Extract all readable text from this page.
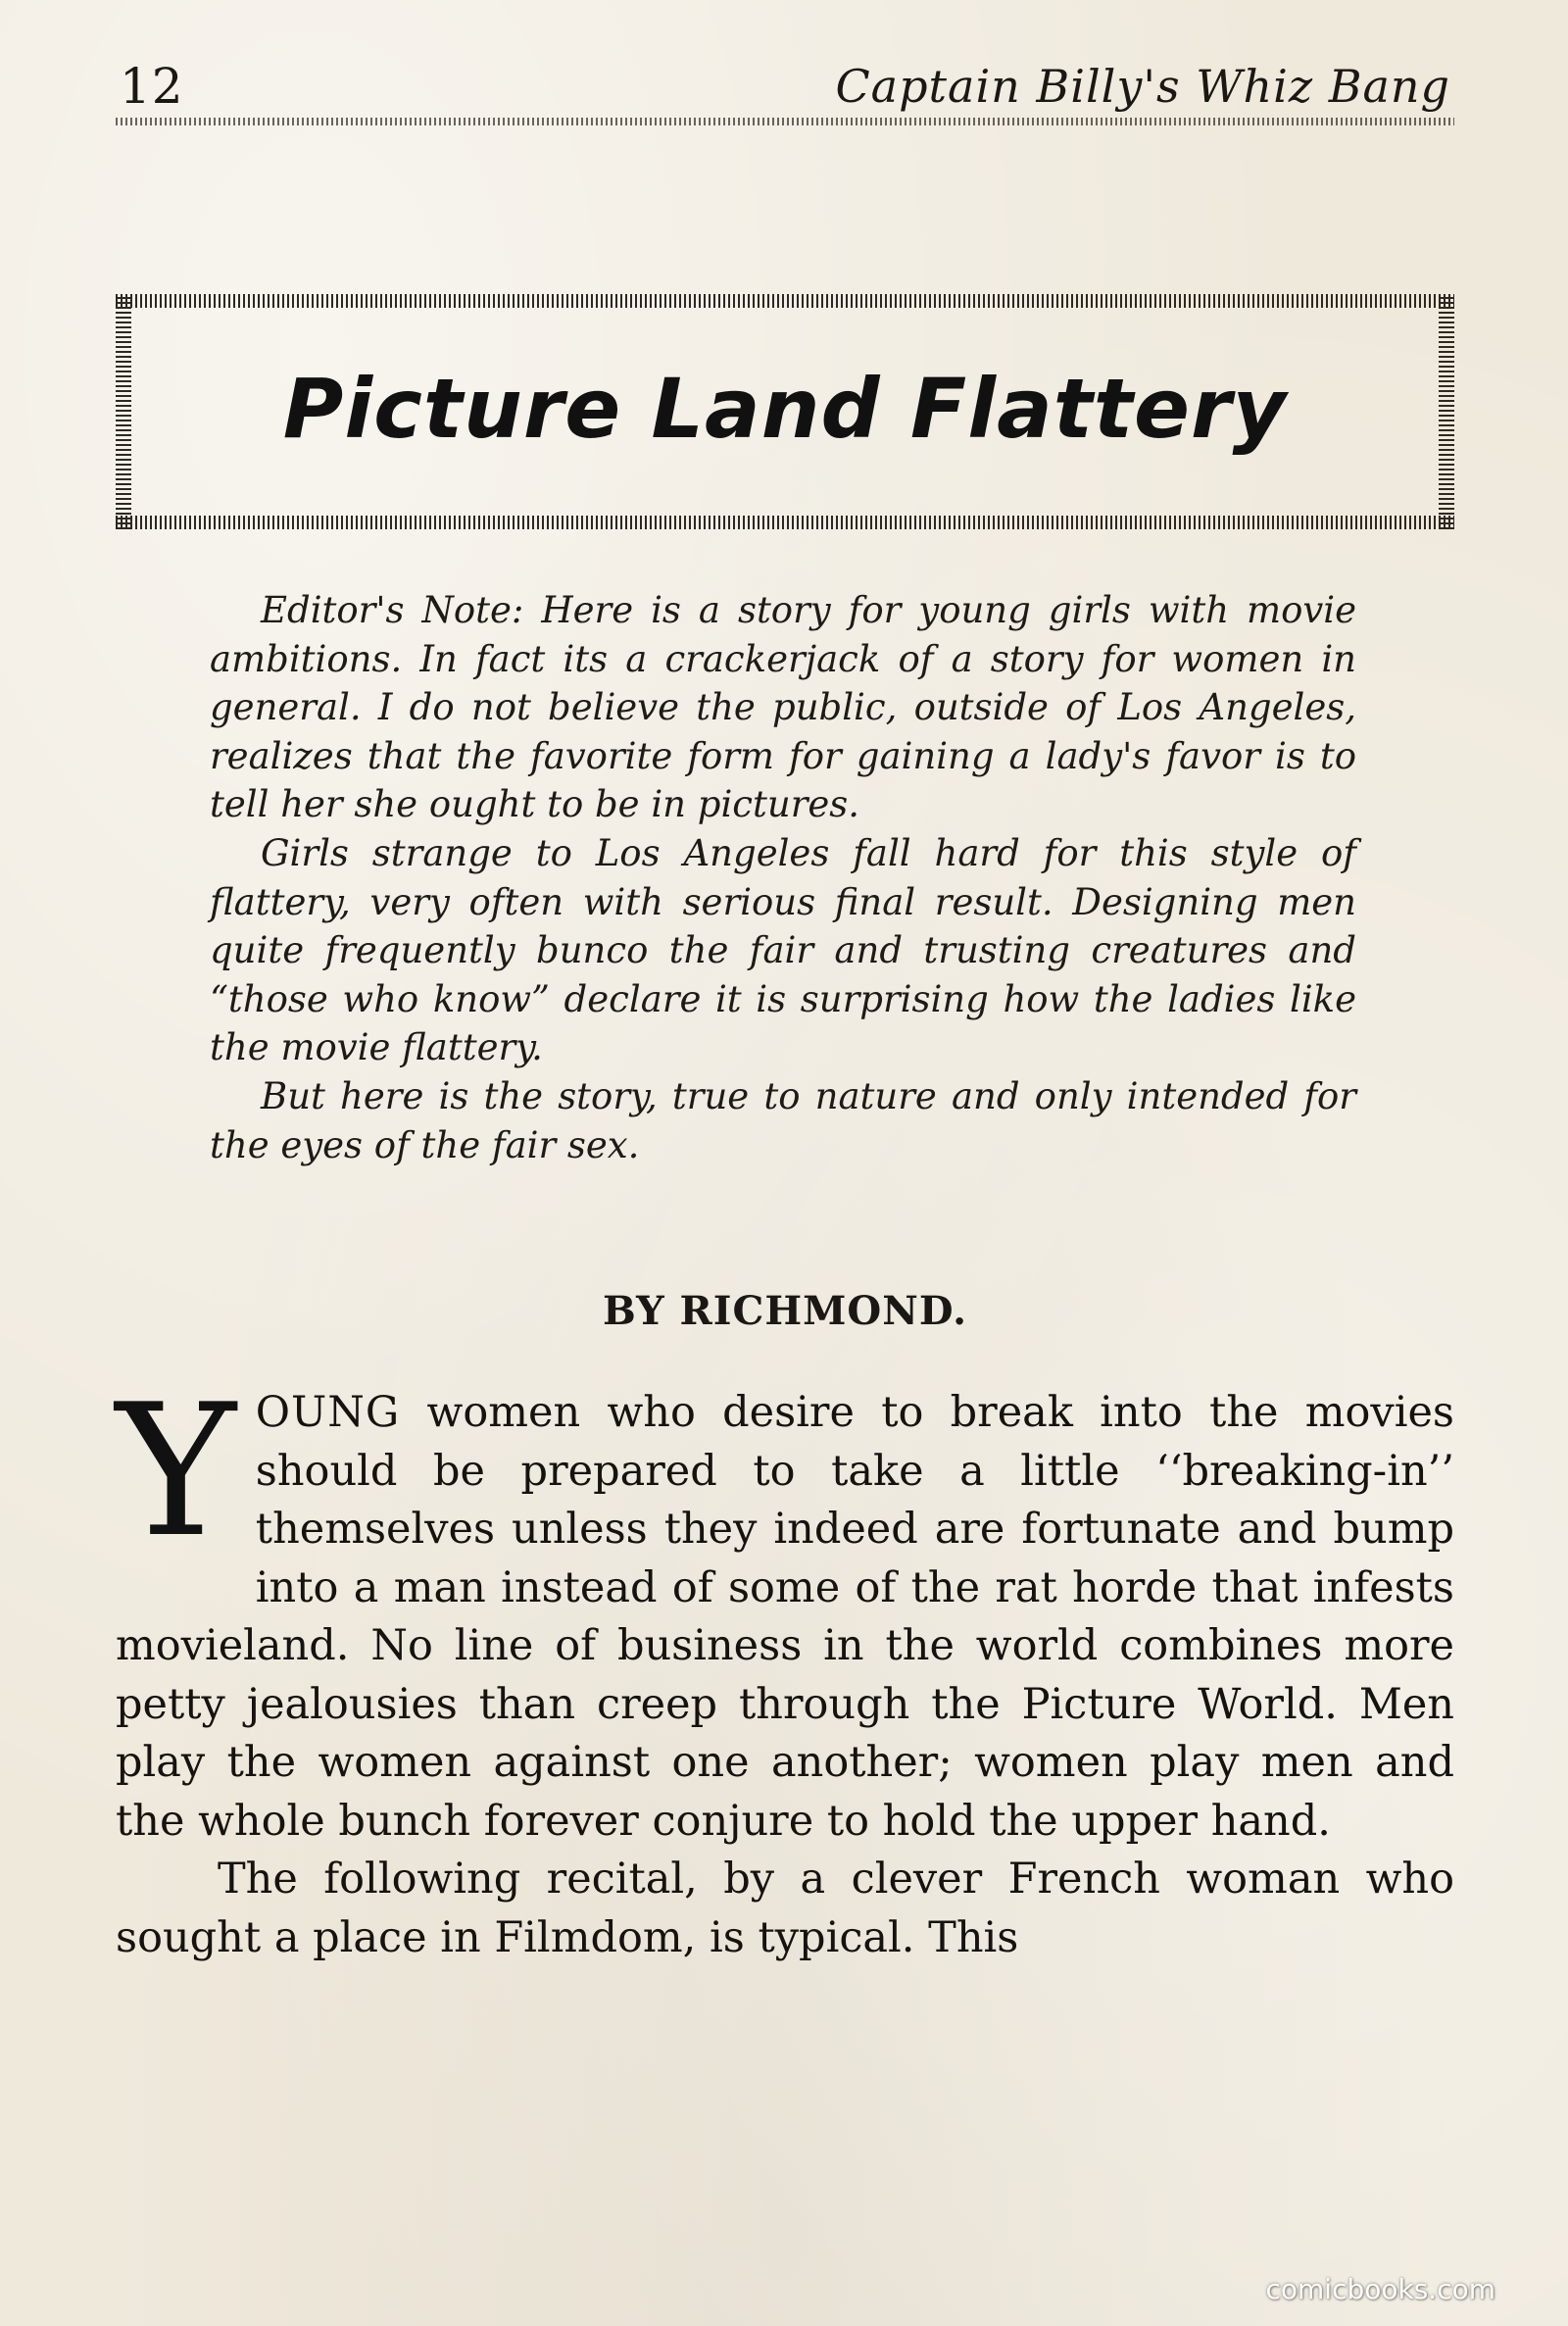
12	Captain Billy's Whiz Bang
Picture Land Flattery

Editor's Note: Here is a story for young girls with movie ambitions. In fact its a crackerjack of a story for women in general. I do not believe the public, outside of Los Angeles, realizes that the favorite form for gaining a lady's favor is to tell her she ought to be in pictures.

Girls strange to Los Angeles fall hard for this style of flattery, very often with serious final result. Designing men quite frequently bunco the fair and trusting creatures and “those who know” declare it is surprising how the ladies like the movie flattery.

But here is the story, true to nature and only intended for the eyes of the fair sex.

BY RICHMOND.

YOUNG women who desire to break into the movies should be prepared to take a little ‘‘breaking-in’’ themselves unless they indeed are fortunate and bump into a man instead of some of the rat horde that infests movieland. No line of business in the world combines more petty jealousies than creep through the Picture World. Men play the women against one another; women play men and the whole bunch forever conjure to hold the upper hand.

The following recital, by a clever French woman who sought a place in Filmdom, is typical. This

comicbooks.com
